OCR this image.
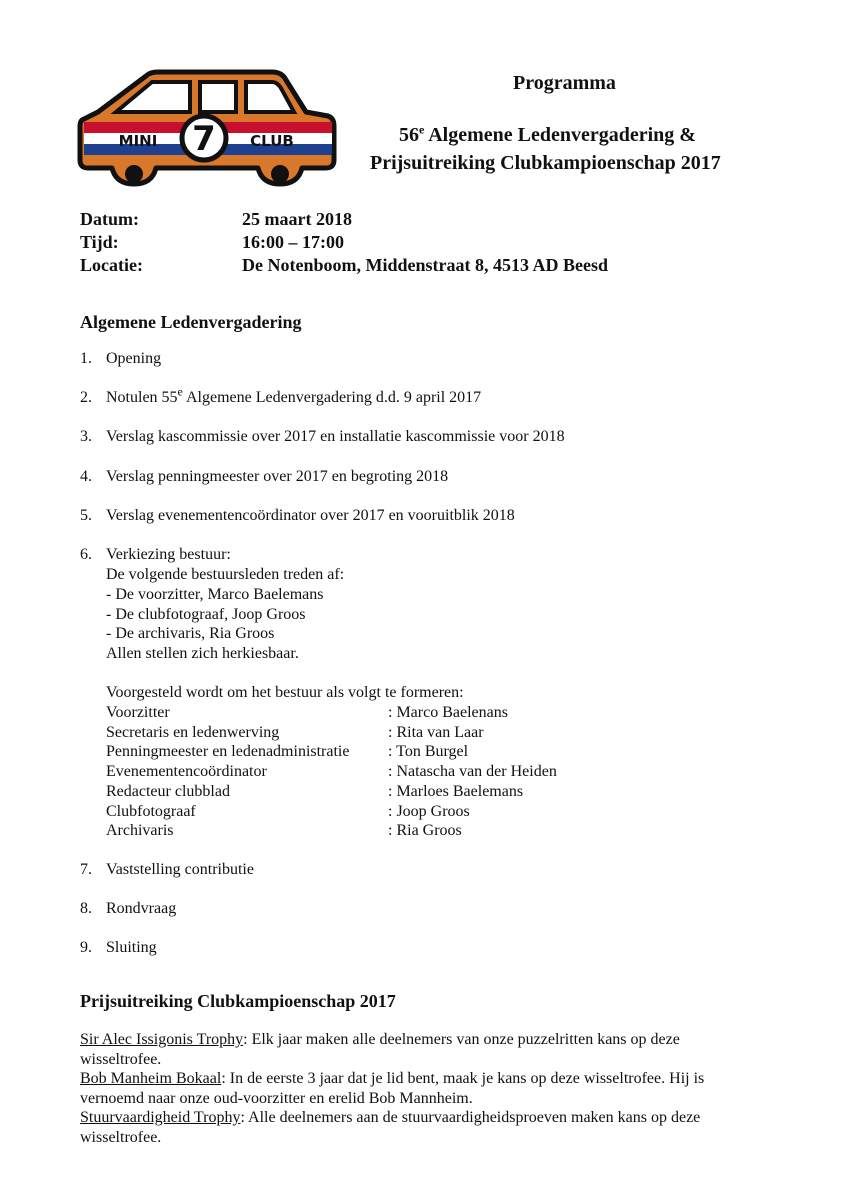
MINI 7 CLUB
Programma
56e Algemene Ledenvergadering &
Prijsuitreiking Clubkampioenschap 2017
Datum:	25 maart 2018
Tijd:	16:00 – 17:00
Locatie:	De Notenboom, Middenstraat 8, 4513 AD Beesd
Algemene Ledenvergadering
1. Opening
2. Notulen 55e Algemene Ledenvergadering d.d. 9 april 2017
3. Verslag kascommissie over 2017 en installatie kascommissie voor 2018
4. Verslag penningmeester over 2017 en begroting 2018
5. Verslag evenementencoördinator over 2017 en vooruitblik 2018
6. Verkiezing bestuur:
De volgende bestuursleden treden af:
- De voorzitter, Marco Baelemans
- De clubfotograaf, Joop Groos
- De archivaris, Ria Groos
Allen stellen zich herkiesbaar.
Voorgesteld wordt om het bestuur als volgt te formeren:
Voorzitter	: Marco Baelenans
Secretaris en ledenwerving	: Rita van Laar
Penningmeester en ledenadministratie	: Ton Burgel
Evenementencoördinator	: Natascha van der Heiden
Redacteur clubblad	: Marloes Baelemans
Clubfotograaf	: Joop Groos
Archivaris	: Ria Groos
7. Vaststelling contributie
8. Rondvraag
9. Sluiting
Prijsuitreiking Clubkampioenschap 2017

Sir Alec Issigonis Trophy: Elk jaar maken alle deelnemers van onze puzzelritten kans op deze wisseltrofee.

Bob Manheim Bokaal: In de eerste 3 jaar dat je lid bent, maak je kans op deze wisseltrofee. Hij is vernoemd naar onze oud-voorzitter en erelid Bob Mannheim.

Stuurvaardigheid Trophy: Alle deelnemers aan de stuurvaardigheidsproeven maken kans op deze wisseltrofee.
